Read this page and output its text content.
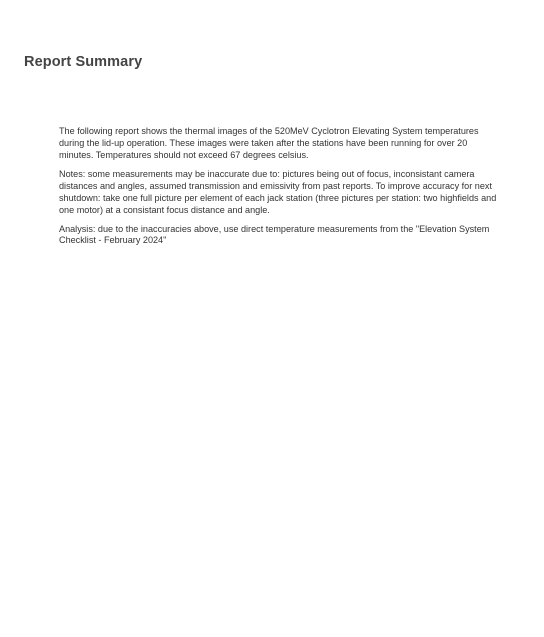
Report Summary

The following report shows the thermal images of the 520MeV Cyclotron Elevating System temperatures during the lid-up operation. These images were taken after the stations have been running for over 20 minutes. Temperatures should not exceed 67 degrees celsius.

Notes: some measurements may be inaccurate due to: pictures being out of focus, inconsistant camera distances and angles, assumed transmission and emissivity from past reports. To improve accuracy for next shutdown: take one full picture per element of each jack station (three pictures per station: two highfields and one motor) at a consistant focus distance and angle.

Analysis: due to the inaccuracies above, use direct temperature measurements from the "Elevation System Checklist - February 2024"
